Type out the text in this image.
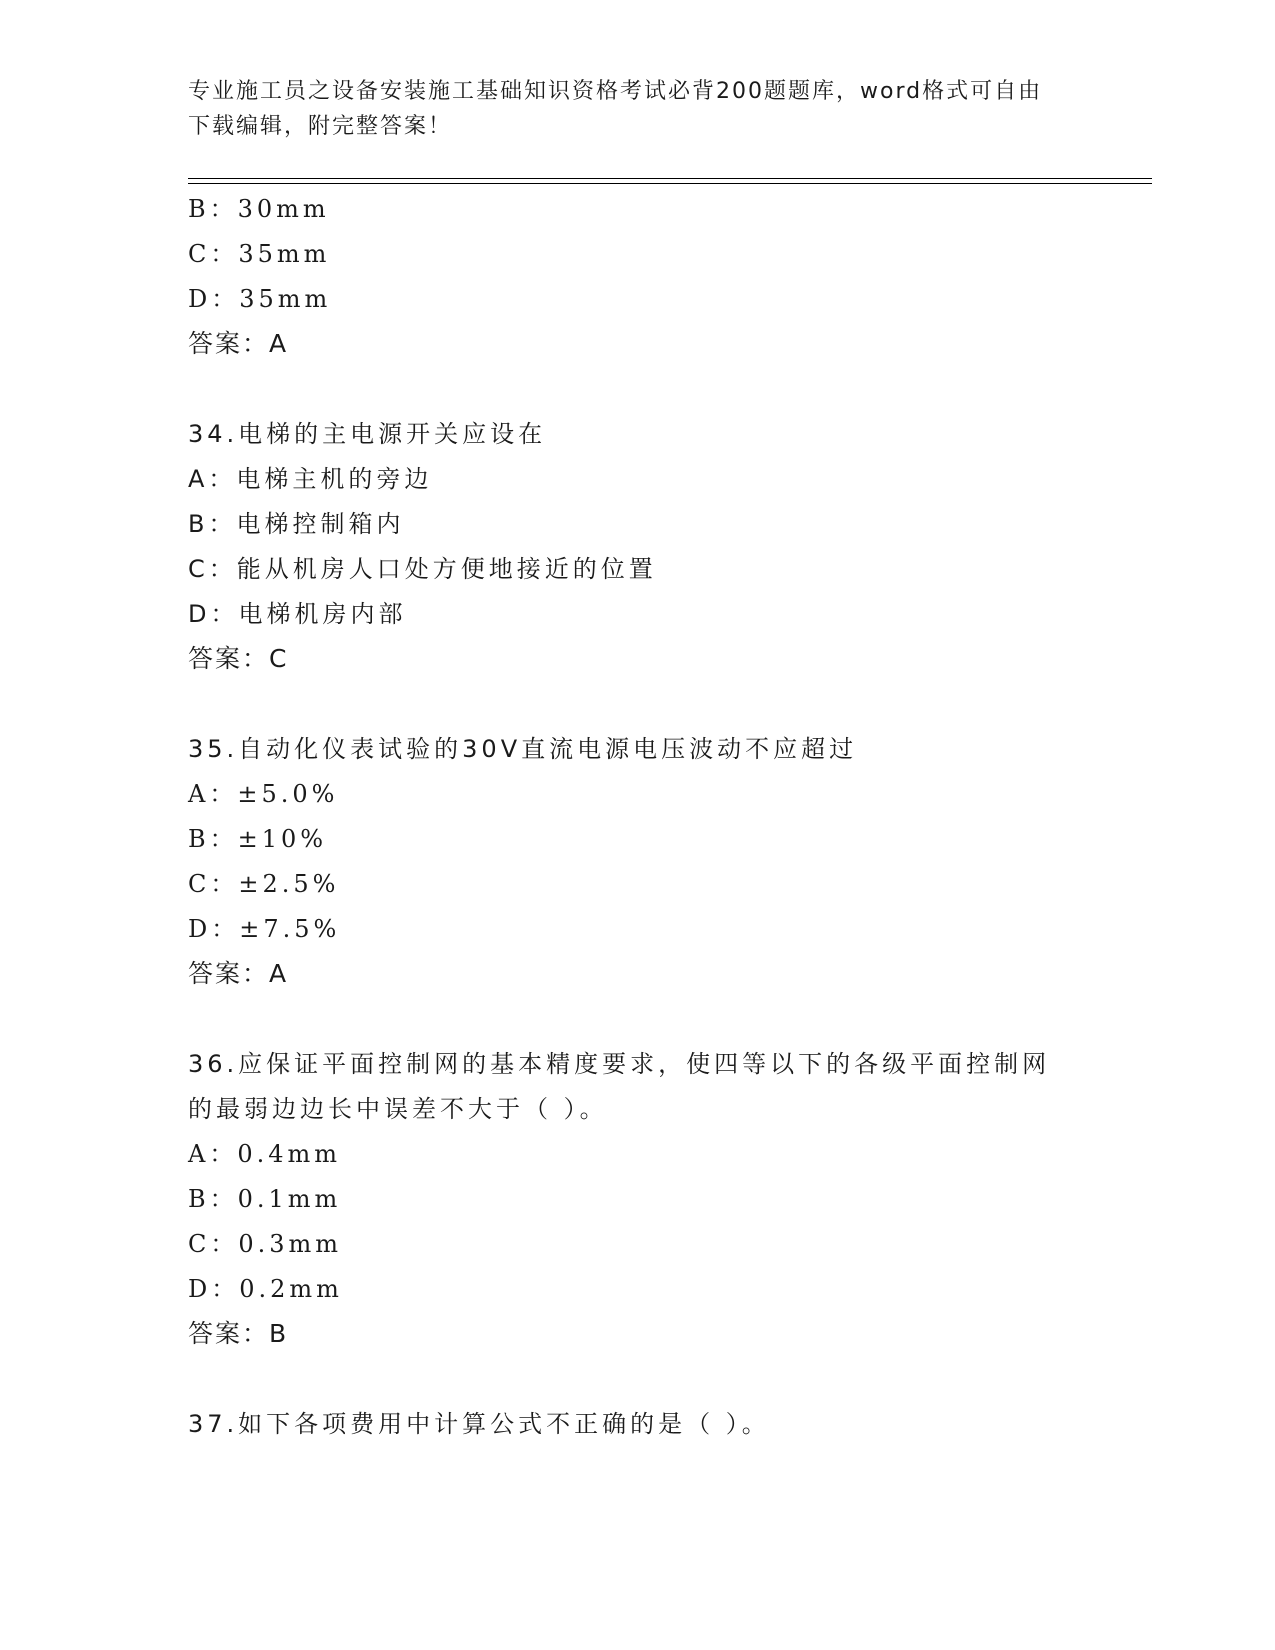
专业施工员之设备安装施工基础知识资格考试必背200题题库，word格式可自由
下载编辑，附完整答案！
B：30mm
C：35mm
D：35mm
答案：A
34.电梯的主电源开关应设在
A：电梯主机的旁边
B：电梯控制箱内
C：能从机房人口处方便地接近的位置
D：电梯机房内部
答案：C
35.自动化仪表试验的30V直流电源电压波动不应超过
A：±5.0%
B：±10%
C：±2.5%
D：±7.5%
答案：A
36.应保证平面控制网的基本精度要求，使四等以下的各级平面控制网
的最弱边边长中误差不大于（ ）。
A：0.4mm
B：0.1mm
C：0.3mm
D：0.2mm
答案：B
37.如下各项费用中计算公式不正确的是（ ）。
